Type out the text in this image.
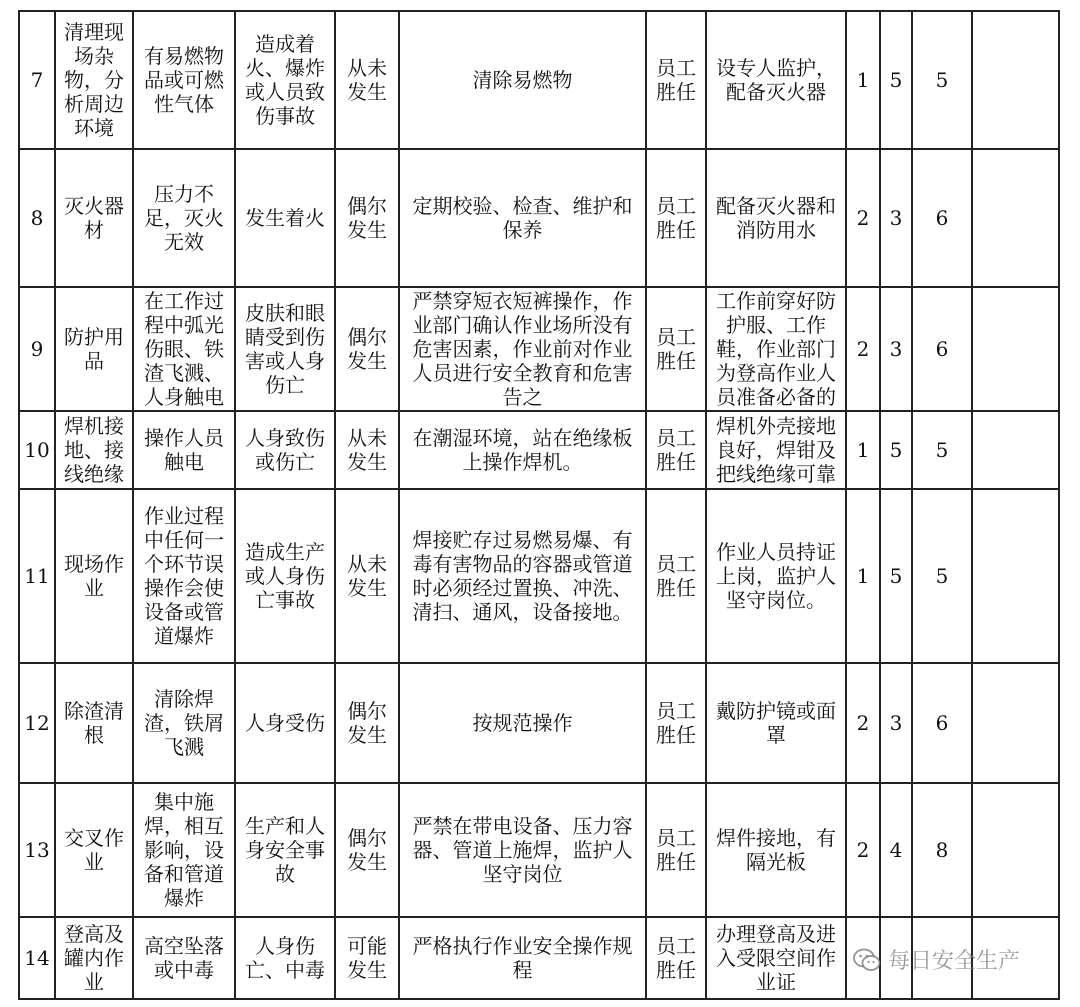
7	清理现场杂物，分析周边环境	有易燃物品或可燃性气体	造成着火、爆炸或人员致伤事故	从未发生	清除易燃物	员工胜任	设专人监护，配备灭火器	1	5	5	
8	灭火器材	压力不足，灭火无效	发生着火	偶尔发生	定期校验、检查、维护和保养	员工胜任	配备灭火器和消防用水	2	3	6	
9	防护用品	在工作过程中弧光伤眼、铁渣飞溅、人身触电	皮肤和眼睛受到伤害或人身伤亡	偶尔发生	严禁穿短衣短裤操作，作业部门确认作业场所没有危害因素，作业前对作业人员进行安全教育和危害告之	员工胜任	工作前穿好防护服、工作鞋，作业部门为登高作业人员准备必备的	2	3	6	
10	焊机接地、接线绝缘	操作人员触电	人身致伤或伤亡	从未发生	在潮湿环境，站在绝缘板上操作焊机。	员工胜任	焊机外壳接地良好，焊钳及把线绝缘可靠	1	5	5	
11	现场作业	作业过程中任何一个环节误操作会使设备或管道爆炸	造成生产或人身伤亡事故	从未发生	焊接贮存过易燃易爆、有毒有害物品的容器或管道时必须经过置换、冲洗、清扫、通风，设备接地。	员工胜任	作业人员持证上岗，监护人坚守岗位。	1	5	5	
12	除渣清根	清除焊渣，铁屑飞溅	人身受伤	偶尔发生	按规范操作	员工胜任	戴防护镜或面罩	2	3	6	
13	交叉作业	集中施焊，相互影响，设备和管道爆炸	生产和人身安全事故	偶尔发生	严禁在带电设备、压力容器、管道上施焊，监护人坚守岗位	员工胜任	焊件接地，有隔光板	2	4	8	
14	登高及罐内作业	高空坠落或中毒	人身伤亡、中毒	可能发生	严格执行作业安全操作规程	员工胜任	办理登高及进入受限空间作业证				
每日安全生产
